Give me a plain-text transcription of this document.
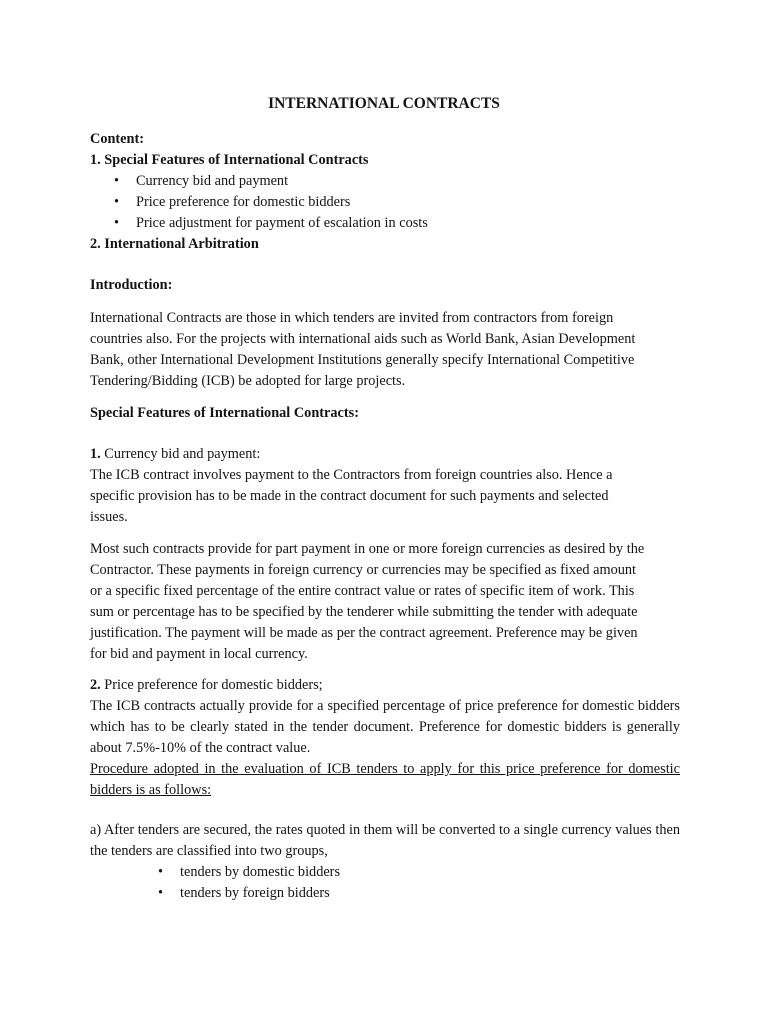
INTERNATIONAL CONTRACTS

Content:

1. Special Features of International Contracts

• Currency bid and payment
• Price preference for domestic bidders
• Price adjustment for payment of escalation in costs

2. International Arbitration

Introduction:

International Contracts are those in which tenders are invited from contractors from foreign

countries also. For the projects with international aids such as World Bank, Asian Development

Bank, other International Development Institutions generally specify International Competitive

Tendering/Bidding (ICB) be adopted for large projects.

Special Features of International Contracts:

1. Currency bid and payment:

The ICB contract involves payment to the Contractors from foreign countries also. Hence a

specific provision has to be made in the contract document for such payments and selected

issues.

Most such contracts provide for part payment in one or more foreign currencies as desired by the

Contractor. These payments in foreign currency or currencies may be specified as fixed amount

or a specific fixed percentage of the entire contract value or rates of specific item of work. This

sum or percentage has to be specified by the tenderer while submitting the tender with adequate

justification. The payment will be made as per the contract agreement. Preference may be given

for bid and payment in local currency.

2. Price preference for domestic bidders;

The ICB contracts actually provide for a specified percentage of price preference for domestic bidders which has to be clearly stated in the tender document. Preference for domestic bidders is generally about 7.5%-10% of the contract value.

Procedure adopted in the evaluation of ICB tenders to apply for this price preference for domestic bidders is as follows:

a) After tenders are secured, the rates quoted in them will be converted to a single currency values then the tenders are classified into two groups,

• tenders by domestic bidders
• tenders by foreign bidders
